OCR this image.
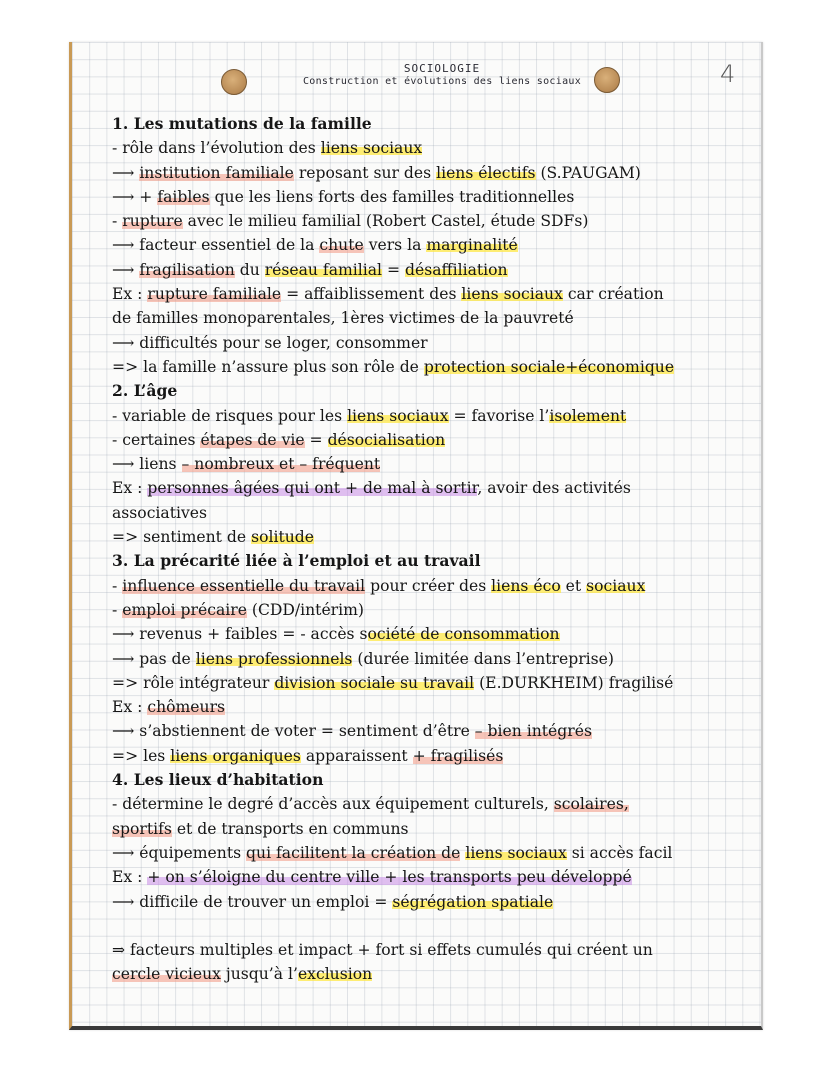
SOCIOLOGIE
Construction et évolutions des liens sociaux	4
1. Les mutations de la famille
- rôle dans l’évolution des liens sociaux
⟶ institution familiale reposant sur des liens électifs (S.PAUGAM)
⟶ + faibles que les liens forts des familles traditionnelles
- rupture avec le milieu familial (Robert Castel, étude SDFs)
⟶ facteur essentiel de la chute vers la marginalité
⟶ fragilisation du réseau familial = désaffiliation
Ex : rupture familiale = affaiblissement des liens sociaux car création
de familles monoparentales, 1ères victimes de la pauvreté
⟶ difficultés pour se loger, consommer
=> la famille n’assure plus son rôle de protection sociale+économique
2. L’âge
- variable de risques pour les liens sociaux = favorise l’isolement
- certaines étapes de vie = désocialisation
⟶ liens – nombreux et – fréquent
Ex : personnes âgées qui ont + de mal à sortir, avoir des activités
associatives
=> sentiment de solitude
3. La précarité liée à l’emploi et au travail
- influence essentielle du travail pour créer des liens éco et sociaux
- emploi précaire (CDD/intérim)
⟶ revenus + faibles = - accès société de consommation
⟶ pas de liens professionnels (durée limitée dans l’entreprise)
=> rôle intégrateur division sociale su travail (E.DURKHEIM) fragilisé
Ex : chômeurs
⟶ s’abstiennent de voter = sentiment d’être – bien intégrés
=> les liens organiques apparaissent + fragilisés
4. Les lieux d’habitation
- détermine le degré d’accès aux équipement culturels, scolaires,
sportifs et de transports en communs
⟶ équipements qui facilitent la création de liens sociaux si accès facil
Ex : + on s’éloigne du centre ville + les transports peu développé
⟶ difficile de trouver un emploi = ségrégation spatiale
⇒ facteurs multiples et impact + fort si effets cumulés qui créent un
cercle vicieux jusqu’à l’exclusion
